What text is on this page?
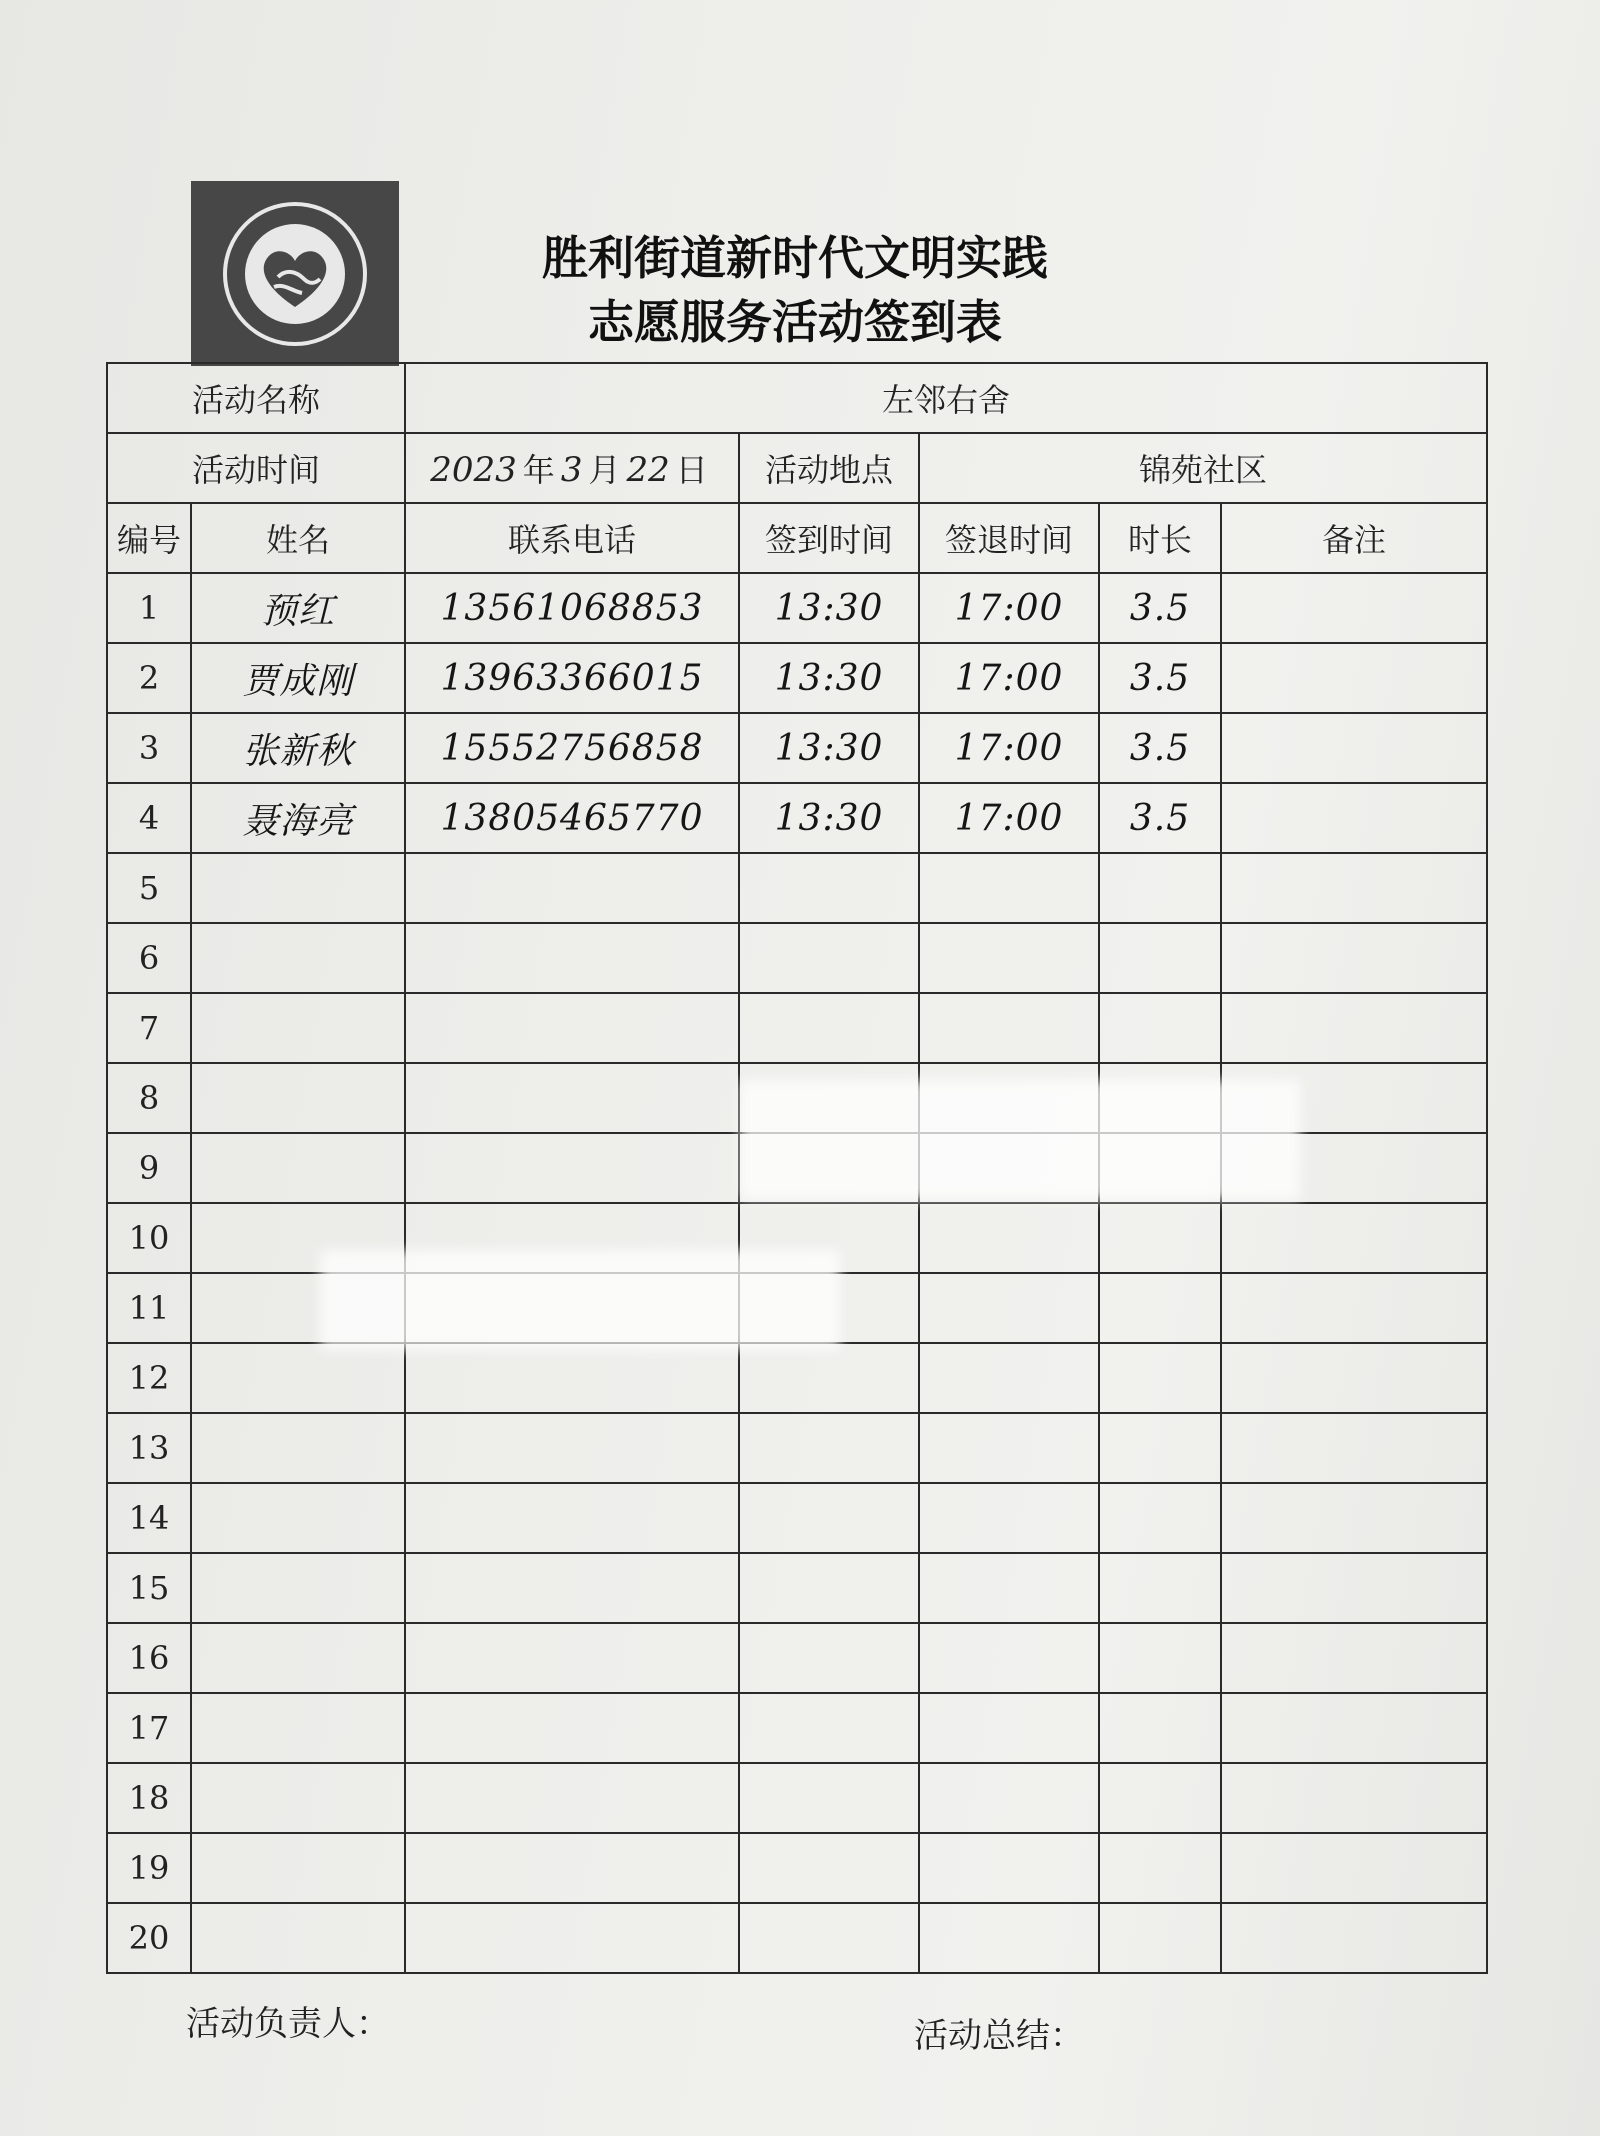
胜利街道新时代文明实践
志愿服务活动签到表
活动名称		左邻右舍				
活动时间		2023 年 3 月 22 日	活动地点	锦苑社区		
编号	姓名	联系电话	签到时间	签退时间	时长	备注
1	预红	13561068853	13:30	17:00	3.5	
2	贾成刚	13963366015	13:30	17:00	3.5	
3	张新秋	15552756858	13:30	17:00	3.5	
4	聂海亮	13805465770	13:30	17:00	3.5	
5						
6						
7						
8						
9						
10						
11						
12						
13						
14						
15						
16						
17						
18						
19						
20						
活动负责人：	活动总结：
